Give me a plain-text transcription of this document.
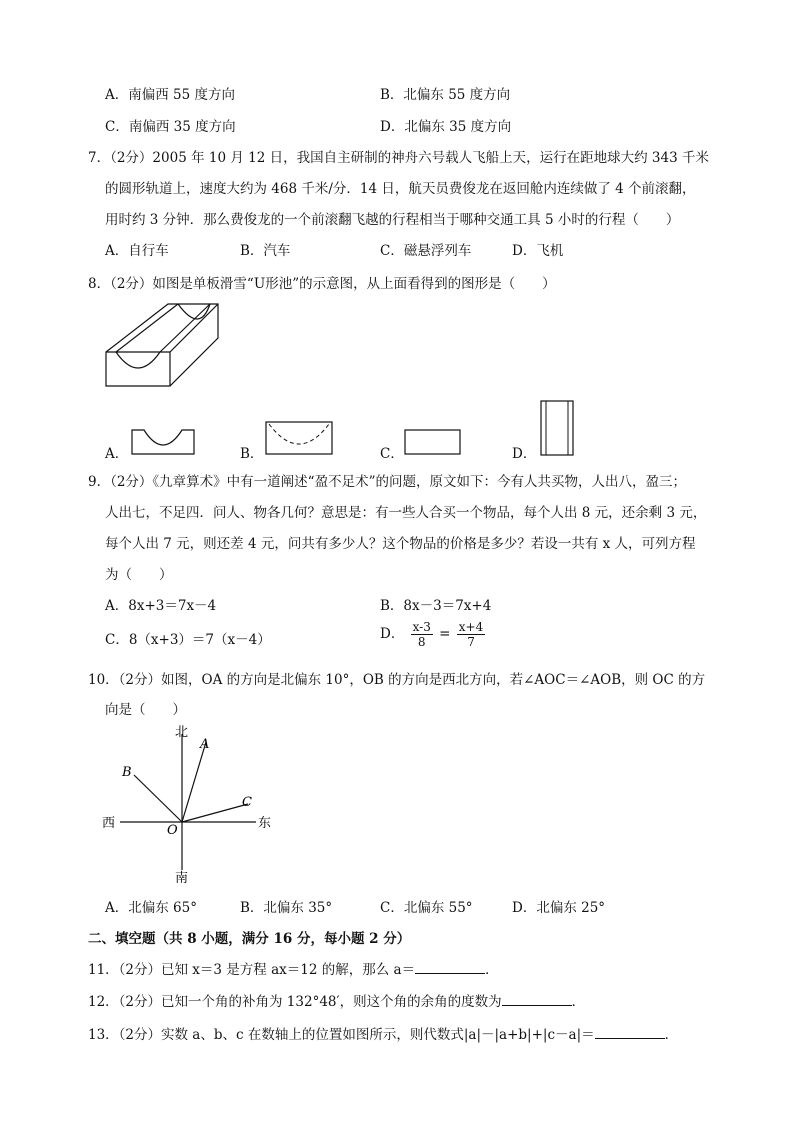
A．南偏西 55 度方向	B．北偏东 55 度方向
C．南偏西 35 度方向	D．北偏东 35 度方向
7．（2分）2005 年 10 月 12 日，我国自主研制的神舟六号载人飞船上天，运行在距地球大约 343 千米
的圆形轨道上，速度大约为 468 千米/分．14 日，航天员费俊龙在返回舱内连续做了 4 个前滚翻，
用时约 3 分钟．那么费俊龙的一个前滚翻飞越的行程相当于哪种交通工具 5 小时的行程（　　）
A．自行车	B．汽车	C．磁悬浮列车	D．飞机
8．（2分）如图是单板滑雪“U形池”的示意图，从上面看得到的图形是（　　）
A．	B．	C．	D．
9．（2分）《九章算术》中有一道阐述“盈不足术”的问题，原文如下：今有人共买物，人出八，盈三；
人出七，不足四．问人、物各几何？意思是：有一些人合买一个物品，每个人出 8 元，还余剩 3 元，
每个人出 7 元，则还差 4 元，问共有多少人？这个物品的价格是多少？若设一共有 x 人，可列方程
为（　　）
A．8x+3＝7x－4	B．8x－3＝7x+4
C．8（x+3）＝7（x－4）	D． $\frac{x-3}{8} = \frac{x+4}{7}$
10．（2分）如图，OA 的方向是北偏东 10°，OB 的方向是西北方向，若∠AOC＝∠AOB，则 OC 的方
向是（　　）
北
南
西	东
O
A
B
C
A．北偏东 65°	B．北偏东 35°	C．北偏东 55°	D．北偏东 25°
二、填空题（共 8 小题，满分 16 分，每小题 2 分）
11．（2分）已知 x＝3 是方程 ax＝12 的解，那么 a＝	．
12．（2分）已知一个角的补角为 132°48′，则这个角的余角的度数为	．
13．（2分）实数 a、b、c 在数轴上的位置如图所示，则代数式|a|－|a+b|+|c－a|＝	．
